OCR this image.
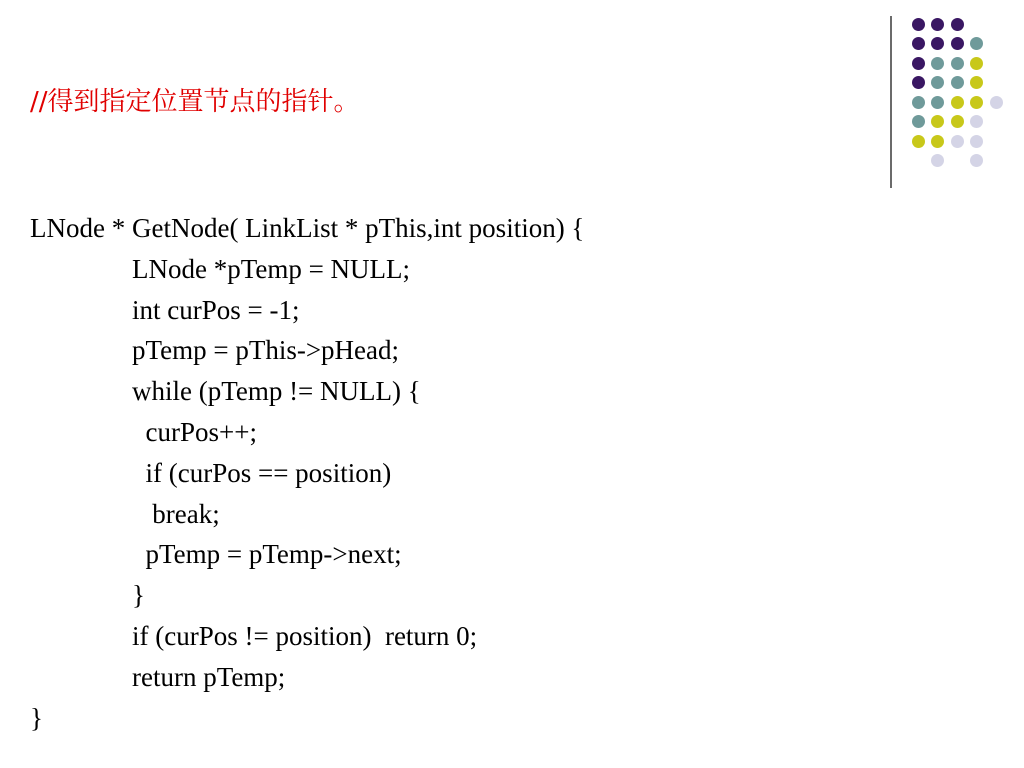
//得到指定位置节点的指针。
LNode * GetNode( LinkList * pThis,int position) {
LNode *pTemp = NULL;
int curPos = -1;
pTemp = pThis->pHead;
while (pTemp != NULL) {
curPos++;
if (curPos == position)
break;
pTemp = pTemp->next;
}
if (curPos != position)  return 0;
return pTemp;
}
